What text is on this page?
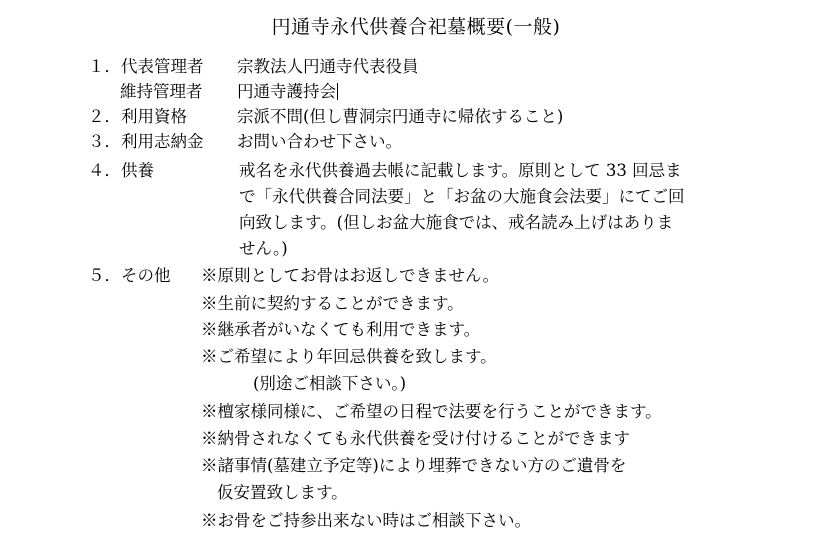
円通寺永代供養合祀墓概要(一般)
１．代表管理者 宗教法人円通寺代表役員
維持管理者 円通寺護持会
２．利用資格	宗派不問(但し曹洞宗円通寺に帰依すること)
３．利用志納金 お問い合わせ下さい。
４．供養	戒名を永代供養過去帳に記載します。原則として 33 回忌ま
で「永代供養合同法要」と「お盆の大施食会法要」にてご回
向致します。(但しお盆大施食では、戒名読み上げはありま
せん。)
５．その他 ※原則としてお骨はお返しできません。
※生前に契約することができます。
※継承者がいなくても利用できます。
※ご希望により年回忌供養を致します。
(別途ご相談下さい。)
※檀家様同様に、ご希望の日程で法要を行うことができます。
※納骨されなくても永代供養を受け付けることができます
※諸事情(墓建立予定等)により埋葬できない方のご遺骨を
仮安置致します。
※お骨をご持参出来ない時はご相談下さい。
